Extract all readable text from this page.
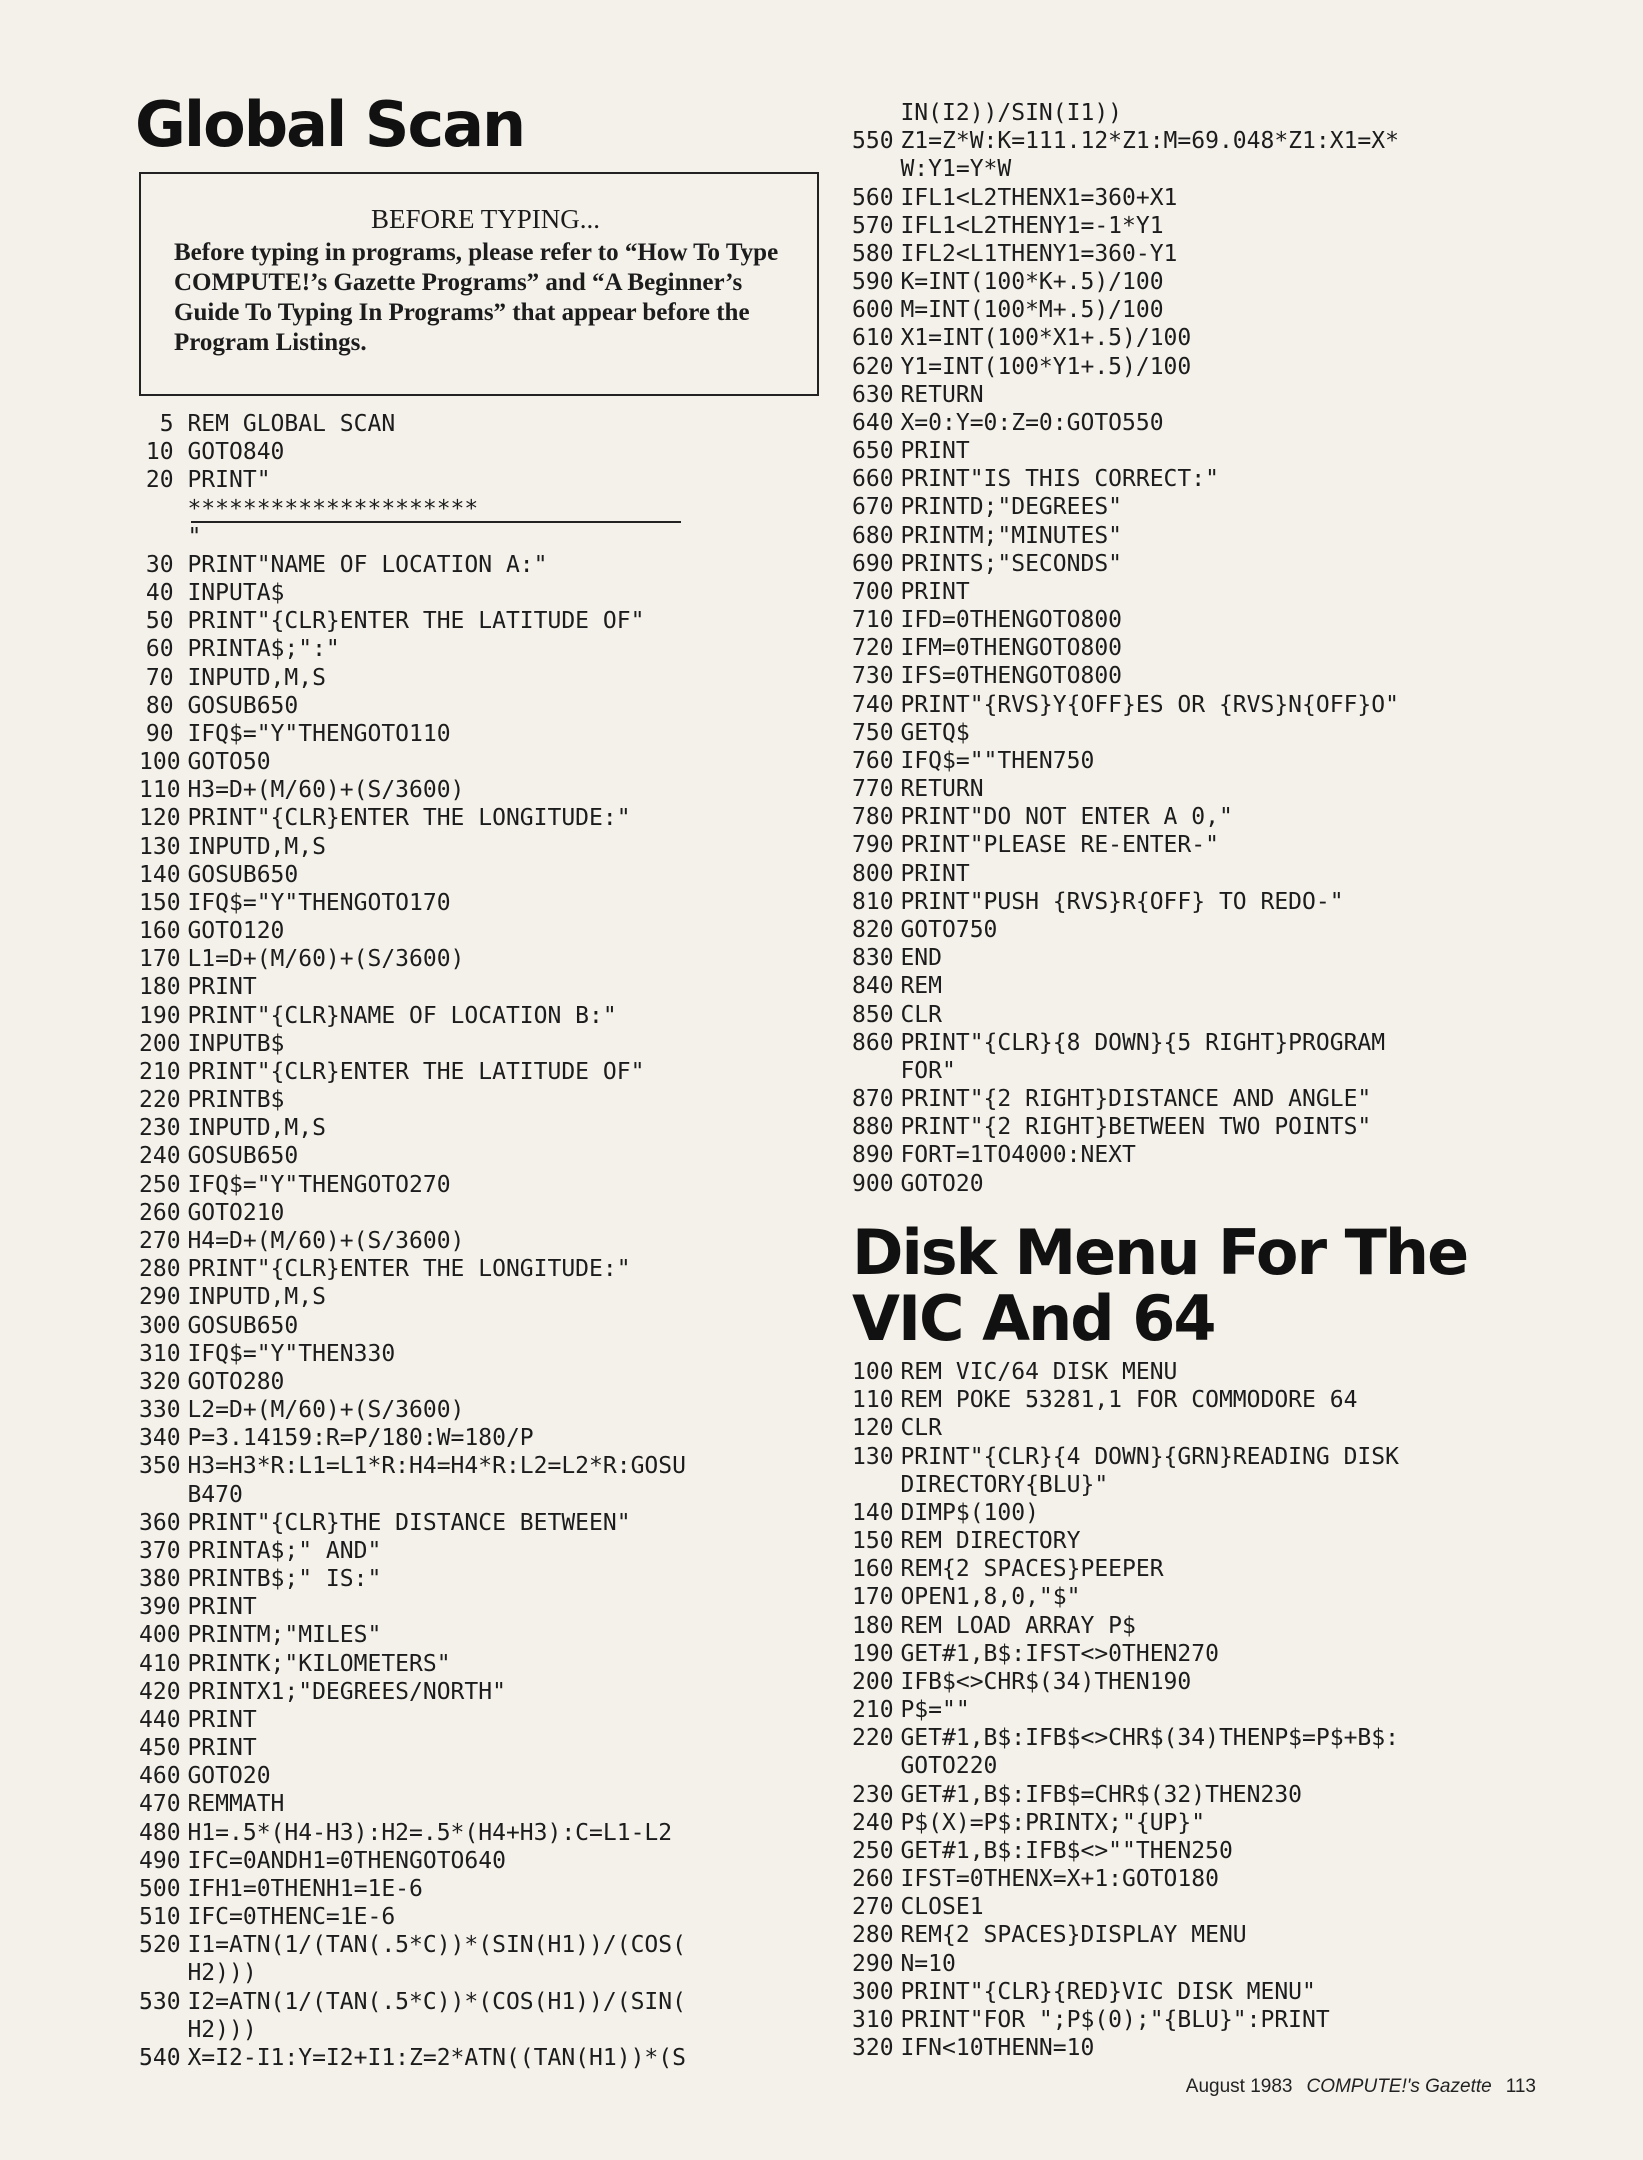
Global Scan
BEFORE TYPING...
Before typing in programs, please refer to “How To Type COMPUTE!’s Gazette Programs” and “A Beginner’s Guide To Typing In Programs” that appear before the Program Listings.
5 REM GLOBAL SCAN
10 GOTO840
20 PRINT"
*********************
"
30 PRINT"NAME OF LOCATION A:"
40 INPUTA$
50 PRINT"{CLR}ENTER THE LATITUDE OF"
60 PRINTA$;":"
70 INPUTD,M,S
80 GOSUB650
90 IFQ$="Y"THENGOTO110
100 GOTO50
110 H3=D+(M/60)+(S/3600)
120 PRINT"{CLR}ENTER THE LONGITUDE:"
130 INPUTD,M,S
140 GOSUB650
150 IFQ$="Y"THENGOTO170
160 GOTO120
170 L1=D+(M/60)+(S/3600)
180 PRINT
190 PRINT"{CLR}NAME OF LOCATION B:"
200 INPUTB$
210 PRINT"{CLR}ENTER THE LATITUDE OF"
220 PRINTB$
230 INPUTD,M,S
240 GOSUB650
250 IFQ$="Y"THENGOTO270
260 GOTO210
270 H4=D+(M/60)+(S/3600)
280 PRINT"{CLR}ENTER THE LONGITUDE:"
290 INPUTD,M,S
300 GOSUB650
310 IFQ$="Y"THEN330
320 GOTO280
330 L2=D+(M/60)+(S/3600)
340 P=3.14159:R=P/180:W=180/P
350 H3=H3*R:L1=L1*R:H4=H4*R:L2=L2*R:GOSU
B470
360 PRINT"{CLR}THE DISTANCE BETWEEN"
370 PRINTA$;" AND"
380 PRINTB$;" IS:"
390 PRINT
400 PRINTM;"MILES"
410 PRINTK;"KILOMETERS"
420 PRINTX1;"DEGREES/NORTH"
440 PRINT
450 PRINT
460 GOTO20
470 REMMATH
480 H1=.5*(H4-H3):H2=.5*(H4+H3):C=L1-L2
490 IFC=0ANDH1=0THENGOTO640
500 IFH1=0THENH1=1E-6
510 IFC=0THENC=1E-6
520 I1=ATN(1/(TAN(.5*C))*(SIN(H1))/(COS(
H2)))
530 I2=ATN(1/(TAN(.5*C))*(COS(H1))/(SIN(
H2)))
540 X=I2-I1:Y=I2+I1:Z=2*ATN((TAN(H1))*(S
IN(I2))/SIN(I1))
550 Z1=Z*W:K=111.12*Z1:M=69.048*Z1:X1=X*
W:Y1=Y*W
560 IFL1<L2THENX1=360+X1
570 IFL1<L2THENY1=-1*Y1
580 IFL2<L1THENY1=360-Y1
590 K=INT(100*K+.5)/100
600 M=INT(100*M+.5)/100
610 X1=INT(100*X1+.5)/100
620 Y1=INT(100*Y1+.5)/100
630 RETURN
640 X=0:Y=0:Z=0:GOTO550
650 PRINT
660 PRINT"IS THIS CORRECT:"
670 PRINTD;"DEGREES"
680 PRINTM;"MINUTES"
690 PRINTS;"SECONDS"
700 PRINT
710 IFD=0THENGOTO800
720 IFM=0THENGOTO800
730 IFS=0THENGOTO800
740 PRINT"{RVS}Y{OFF}ES OR {RVS}N{OFF}O"
750 GETQ$
760 IFQ$=""THEN750
770 RETURN
780 PRINT"DO NOT ENTER A 0,"
790 PRINT"PLEASE RE-ENTER-"
800 PRINT
810 PRINT"PUSH {RVS}R{OFF} TO REDO-"
820 GOTO750
830 END
840 REM
850 CLR
860 PRINT"{CLR}{8 DOWN}{5 RIGHT}PROGRAM
FOR"
870 PRINT"{2 RIGHT}DISTANCE AND ANGLE"
880 PRINT"{2 RIGHT}BETWEEN TWO POINTS"
890 FORT=1TO4000:NEXT
900 GOTO20
Disk Menu For The
VIC And 64
100 REM VIC/64 DISK MENU
110 REM POKE 53281,1 FOR COMMODORE 64
120 CLR
130 PRINT"{CLR}{4 DOWN}{GRN}READING DISK
DIRECTORY{BLU}"
140 DIMP$(100)
150 REM DIRECTORY
160 REM{2 SPACES}PEEPER
170 OPEN1,8,0,"$"
180 REM LOAD ARRAY P$
190 GET#1,B$:IFST<>0THEN270
200 IFB$<>CHR$(34)THEN190
210 P$=""
220 GET#1,B$:IFB$<>CHR$(34)THENP$=P$+B$:
GOTO220
230 GET#1,B$:IFB$=CHR$(32)THEN230
240 P$(X)=P$:PRINTX;"{UP}"
250 GET#1,B$:IFB$<>""THEN250
260 IFST=0THENX=X+1:GOTO180
270 CLOSE1
280 REM{2 SPACES}DISPLAY MENU
290 N=10
300 PRINT"{CLR}{RED}VIC DISK MENU"
310 PRINT"FOR ";P$(0);"{BLU}":PRINT
320 IFN<10THENN=10
August 1983 COMPUTE!'s Gazette 113
